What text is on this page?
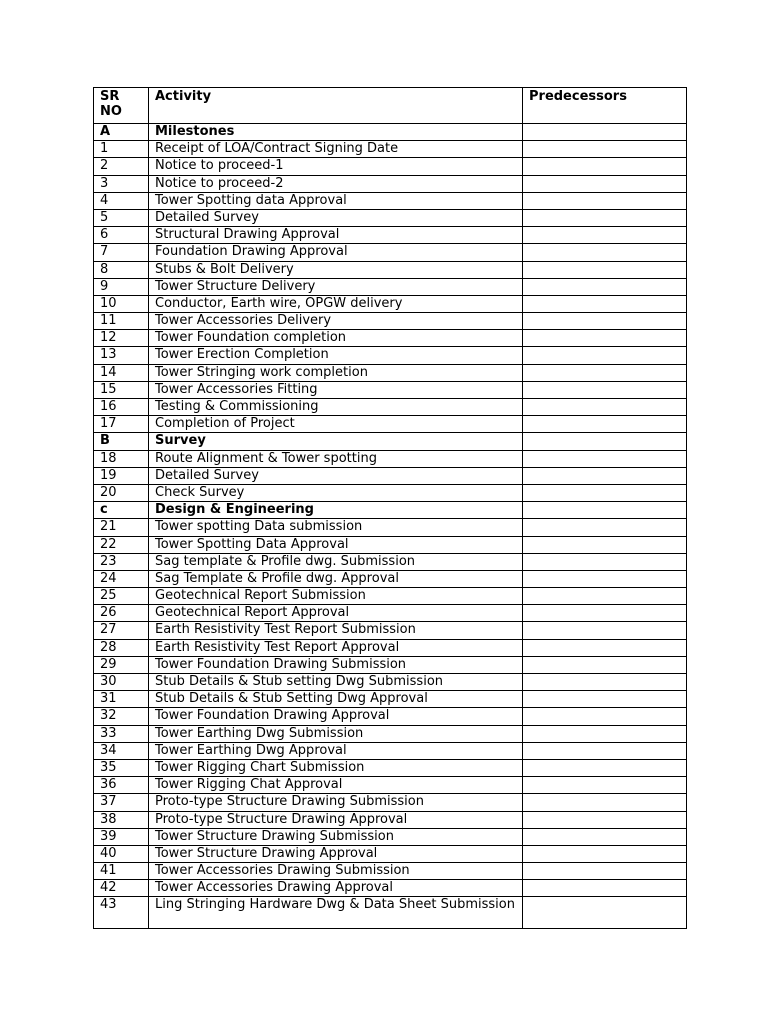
SR NO	Activity	Predecessors
A	Milestones	
1	Receipt of LOA/Contract Signing Date	
2	Notice to proceed-1	
3	Notice to proceed-2	
4	Tower Spotting data Approval	
5	Detailed Survey	
6	Structural Drawing Approval	
7	Foundation Drawing Approval	
8	Stubs & Bolt Delivery	
9	Tower Structure Delivery	
10	Conductor, Earth wire, OPGW delivery	
11	Tower Accessories Delivery	
12	Tower Foundation completion	
13	Tower Erection Completion	
14	Tower Stringing work completion	
15	Tower Accessories Fitting	
16	Testing & Commissioning	
17	Completion of Project	
B	Survey	
18	Route Alignment & Tower spotting	
19	Detailed Survey	
20	Check Survey	
c	Design & Engineering	
21	Tower spotting Data submission	
22	Tower Spotting Data Approval	
23	Sag template & Profile dwg. Submission	
24	Sag Template & Profile dwg. Approval	
25	Geotechnical Report Submission	
26	Geotechnical Report Approval	
27	Earth Resistivity Test Report Submission	
28	Earth Resistivity Test Report Approval	
29	Tower Foundation Drawing Submission	
30	Stub Details & Stub setting Dwg Submission	
31	Stub Details & Stub Setting Dwg Approval	
32	Tower Foundation Drawing Approval	
33	Tower Earthing Dwg Submission	
34	Tower Earthing Dwg Approval	
35	Tower Rigging Chart Submission	
36	Tower Rigging Chat Approval	
37	Proto-type Structure Drawing Submission	
38	Proto-type Structure Drawing Approval	
39	Tower Structure Drawing Submission	
40	Tower Structure Drawing Approval	
41	Tower Accessories Drawing Submission	
42	Tower Accessories Drawing Approval	
43	Ling Stringing Hardware Dwg & Data Sheet Submission	
